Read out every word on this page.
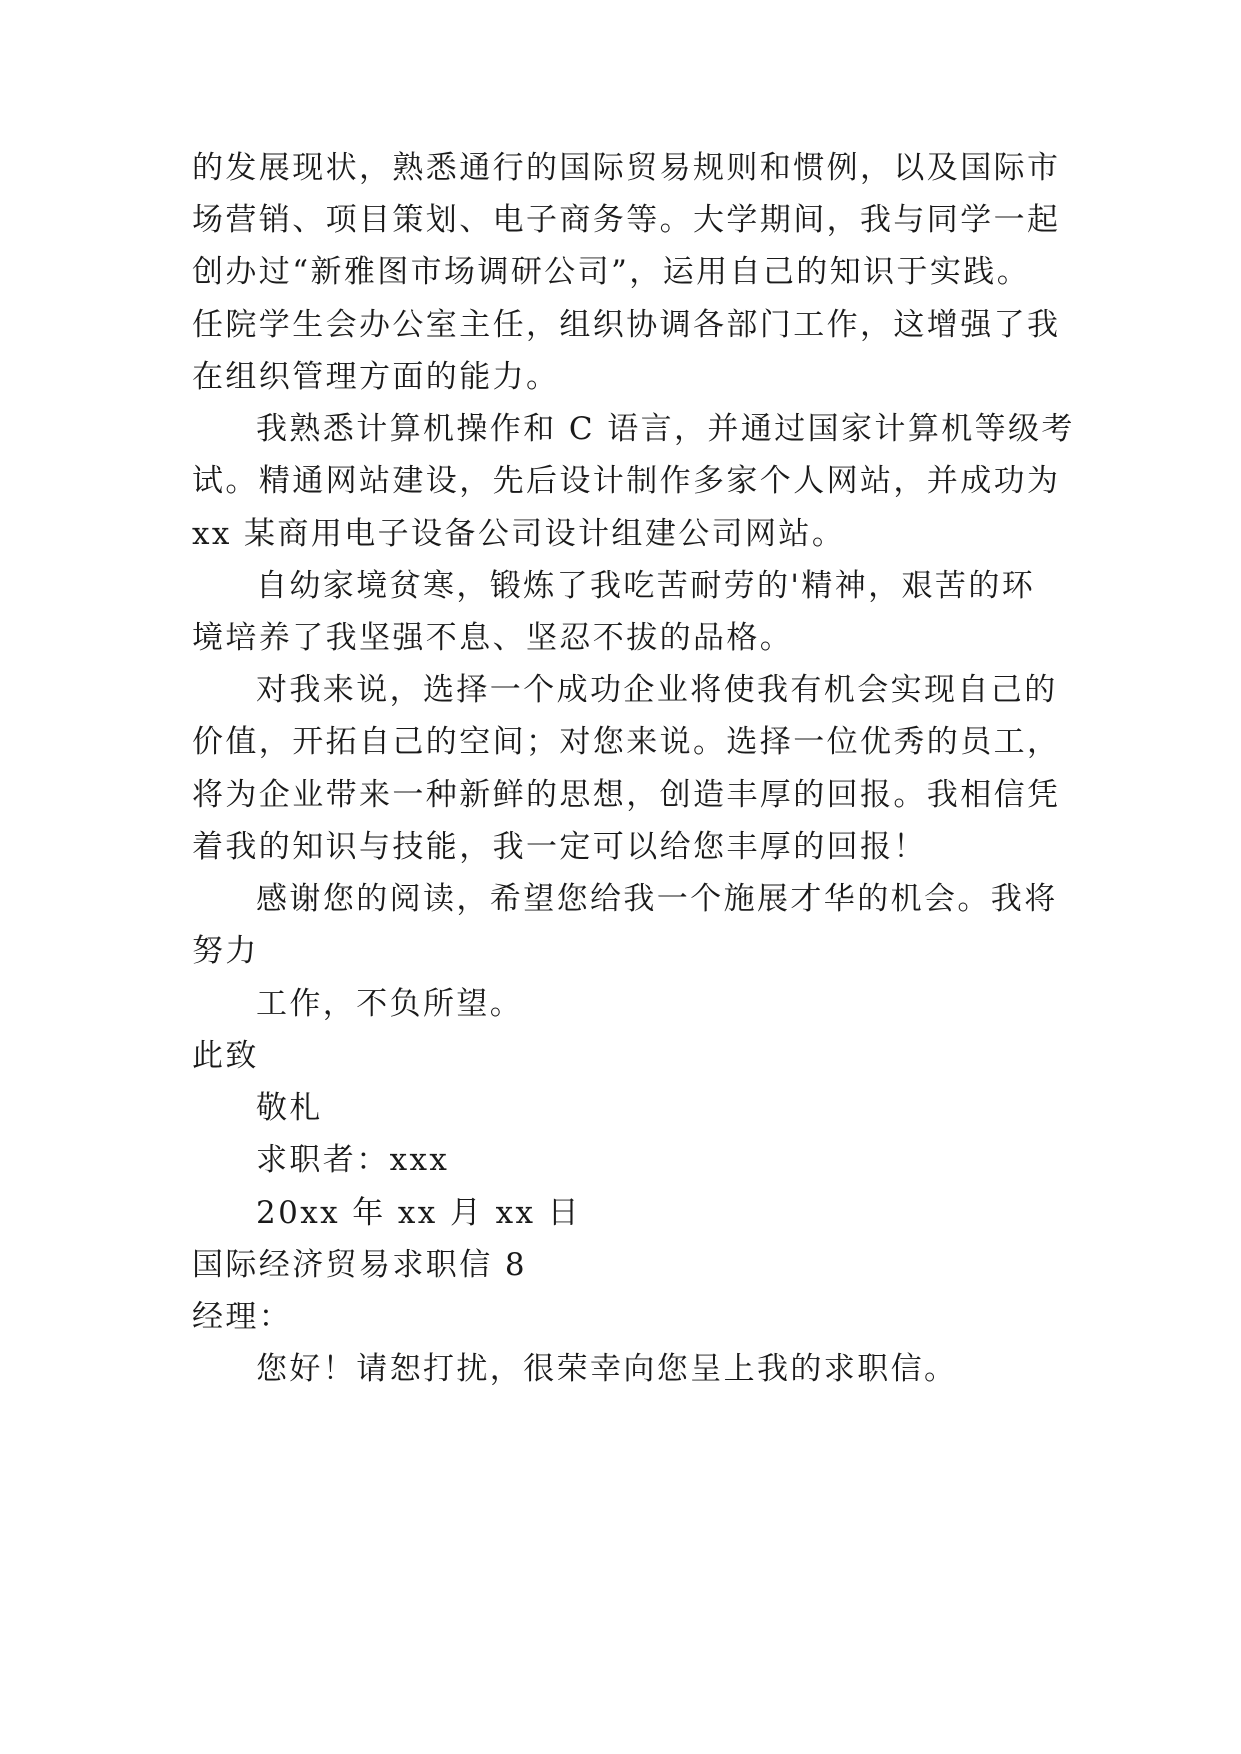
的发展现状，熟悉通行的国际贸易规则和惯例，以及国际市
场营销、项目策划、电子商务等。大学期间，我与同学一起
创办过“新雅图市场调研公司”，运用自己的知识于实践。
任院学生会办公室主任，组织协调各部门工作，这增强了我
在组织管理方面的能力。
我熟悉计算机操作和 C 语言，并通过国家计算机等级考
试。精通网站建设，先后设计制作多家个人网站，并成功为
xx 某商用电子设备公司设计组建公司网站。
自幼家境贫寒，锻炼了我吃苦耐劳的'精神，艰苦的环
境培养了我坚强不息、坚忍不拔的品格。
对我来说，选择一个成功企业将使我有机会实现自己的
价值，开拓自己的空间；对您来说。选择一位优秀的员工，
将为企业带来一种新鲜的思想，创造丰厚的回报。我相信凭
着我的知识与技能，我一定可以给您丰厚的回报！
感谢您的阅读，希望您给我一个施展才华的机会。我将
努力
工作，不负所望。
此致
敬札
求职者：xxx
20xx 年 xx 月 xx 日
国际经济贸易求职信 8
经理：
您好！请恕打扰，很荣幸向您呈上我的求职信。
